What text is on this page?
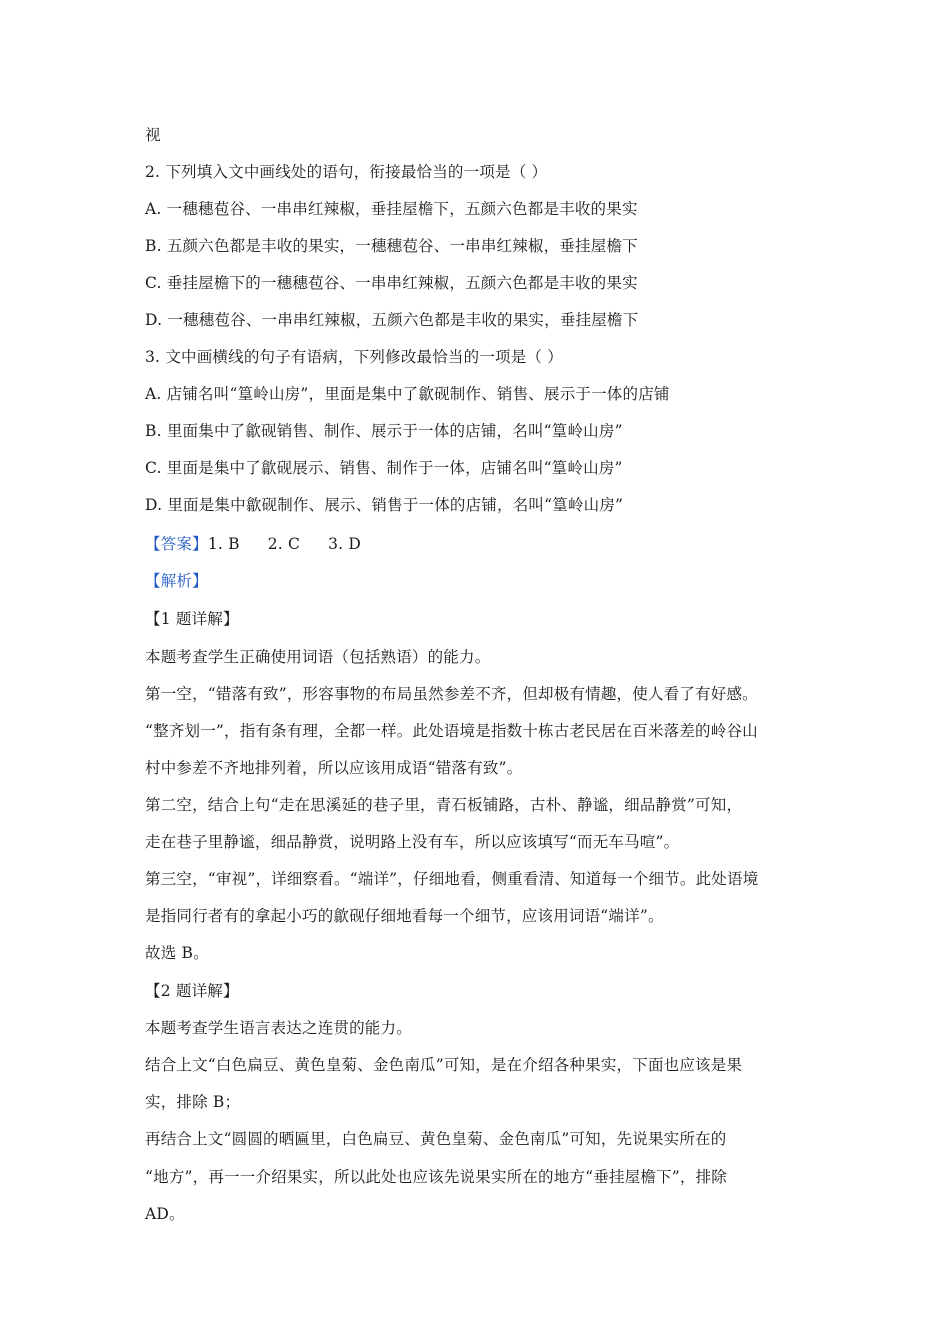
视
2. 下列填入文中画线处的语句，衔接最恰当的一项是（ ）
A. 一穗穗苞谷、一串串红辣椒，垂挂屋檐下，五颜六色都是丰收的果实
B. 五颜六色都是丰收的果实，一穗穗苞谷、一串串红辣椒，垂挂屋檐下
C. 垂挂屋檐下的一穗穗苞谷、一串串红辣椒，五颜六色都是丰收的果实
D. 一穗穗苞谷、一串串红辣椒，五颜六色都是丰收的果实，垂挂屋檐下
3. 文中画横线的句子有语病，下列修改最恰当的一项是（ ）
A. 店铺名叫“篁岭山房”，里面是集中了歙砚制作、销售、展示于一体的店铺
B. 里面集中了歙砚销售、制作、展示于一体的店铺，名叫“篁岭山房”
C. 里面是集中了歙砚展示、销售、制作于一体，店铺名叫“篁岭山房”
D. 里面是集中歙砚制作、展示、销售于一体的店铺，名叫“篁岭山房”
【答案】1. B 2. C 3. D
【解析】
【1 题详解】
本题考查学生正确使用词语（包括熟语）的能力。
第一空，“错落有致”，形容事物的布局虽然参差不齐，但却极有情趣，使人看了有好感。
“整齐划一”，指有条有理，全都一样。此处语境是指数十栋古老民居在百米落差的岭谷山
村中参差不齐地排列着，所以应该用成语“错落有致”。
第二空，结合上句“走在思溪延的巷子里，青石板铺路，古朴、静谧，细品静赏”可知，
走在巷子里静谧，细品静赏，说明路上没有车，所以应该填写“而无车马喧”。
第三空，“审视”，详细察看。“端详”，仔细地看，侧重看清、知道每一个细节。此处语境
是指同行者有的拿起小巧的歙砚仔细地看每一个细节，应该用词语“端详”。
故选 B。
【2 题详解】
本题考查学生语言表达之连贯的能力。
结合上文“白色扁豆、黄色皇菊、金色南瓜”可知，是在介绍各种果实，下面也应该是果
实，排除 B；
再结合上文“圆圆的晒匾里，白色扁豆、黄色皇菊、金色南瓜”可知，先说果实所在的
“地方”，再一一介绍果实，所以此处也应该先说果实所在的地方“垂挂屋檐下”，排除
AD。
